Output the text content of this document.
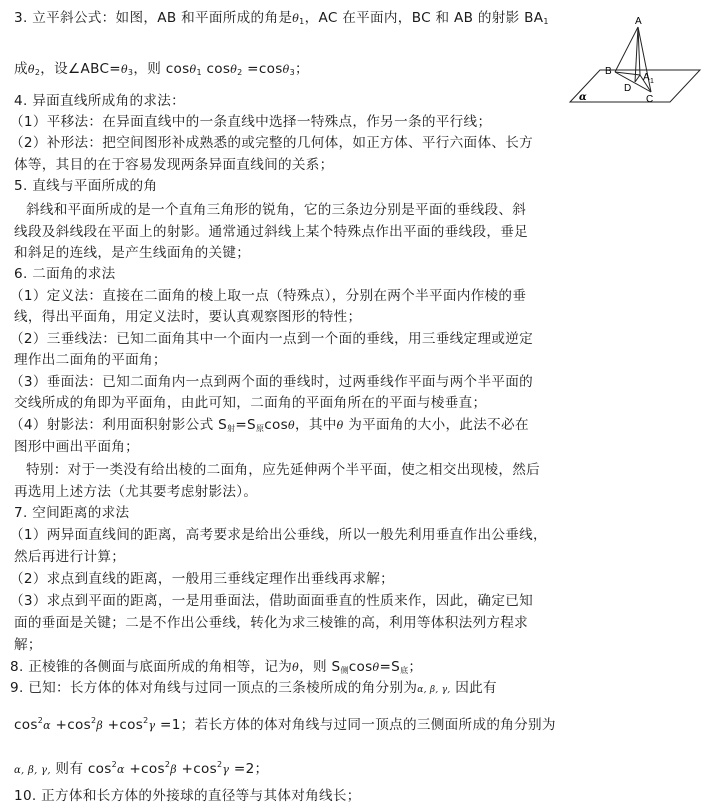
3. 立平斜公式：如图，AB 和平面所成的角是θ1，AC 在平面内，BC 和 AB 的射影 BA1
成θ2，设∠ABC=θ3，则 cosθ1 cosθ2 =cosθ3；
A
B
A 1
D
C
α
4. 异面直线所成角的求法：
（1）平移法：在异面直线中的一条直线中选择一特殊点，作另一条的平行线；
（2）补形法：把空间图形补成熟悉的或完整的几何体，如正方体、平行六面体、长方
体等，其目的在于容易发现两条异面直线间的关系；
5. 直线与平面所成的角
斜线和平面所成的是一个直角三角形的锐角，它的三条边分别是平面的垂线段、斜
线段及斜线段在平面上的射影。通常通过斜线上某个特殊点作出平面的垂线段，垂足
和斜足的连线，是产生线面角的关键；
6. 二面角的求法
（1）定义法：直接在二面角的棱上取一点（特殊点），分别在两个半平面内作棱的垂
线，得出平面角，用定义法时，要认真观察图形的特性；
（2）三垂线法：已知二面角其中一个面内一点到一个面的垂线，用三垂线定理或逆定
理作出二面角的平面角；
（3）垂面法：已知二面角内一点到两个面的垂线时，过两垂线作平面与两个半平面的
交线所成的角即为平面角，由此可知，二面角的平面角所在的平面与棱垂直；
（4）射影法：利用面积射影公式 S射=S原cosθ，其中θ 为平面角的大小，此法不必在
图形中画出平面角；
特别：对于一类没有给出棱的二面角，应先延伸两个半平面，使之相交出现棱，然后
再选用上述方法（尤其要考虑射影法）。
7. 空间距离的求法
（1）两异面直线间的距离，高考要求是给出公垂线，所以一般先利用垂直作出公垂线，
然后再进行计算；
（2）求点到直线的距离，一般用三垂线定理作出垂线再求解；
（3）求点到平面的距离，一是用垂面法，借助面面垂直的性质来作，因此，确定已知
面的垂面是关键；二是不作出公垂线，转化为求三棱锥的高，利用等体积法列方程求
解；
8. 正棱锥的各侧面与底面所成的角相等，记为θ，则 S侧cosθ=S底；
9. 已知：长方体的体对角线与过同一顶点的三条棱所成的角分别为α, β, γ, 因此有
$\cos^2\alpha +\cos^2\beta +\cos^2\gamma =1$；若长方体的体对角线与过同一顶点的三侧面所成的角分别为
α, β, γ, 则有 $\cos^2\alpha +\cos^2\beta +\cos^2\gamma =2$；
10. 正方体和长方体的外接球的直径等与其体对角线长；
